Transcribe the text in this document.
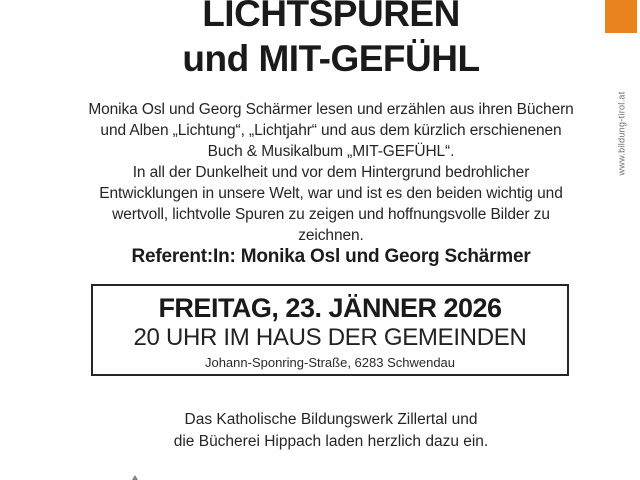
www.bildung-tirol.at
LICHTSPUREN
und MIT-GEFÜHL
Monika Osl und Georg Schärmer lesen und erzählen aus ihren Büchern
und Alben „Lichtung“, „Lichtjahr“ und aus dem kürzlich erschienenen
Buch & Musikalbum „MIT-GEFÜHL“.
In all der Dunkelheit und vor dem Hintergrund bedrohlicher
Entwicklungen in unsere Welt, war und ist es den beiden wichtig und
wertvoll, lichtvolle Spuren zu zeigen und hoffnungsvolle Bilder zu
zeichnen.
Referent:In: Monika Osl und Georg Schärmer
FREITAG, 23. JÄNNER 2026
20 UHR IM HAUS DER GEMEINDEN
Johann-Sponring-Straße, 6283 Schwendau
Das Katholische Bildungswerk Zillertal und
die Bücherei Hippach laden herzlich dazu ein.
